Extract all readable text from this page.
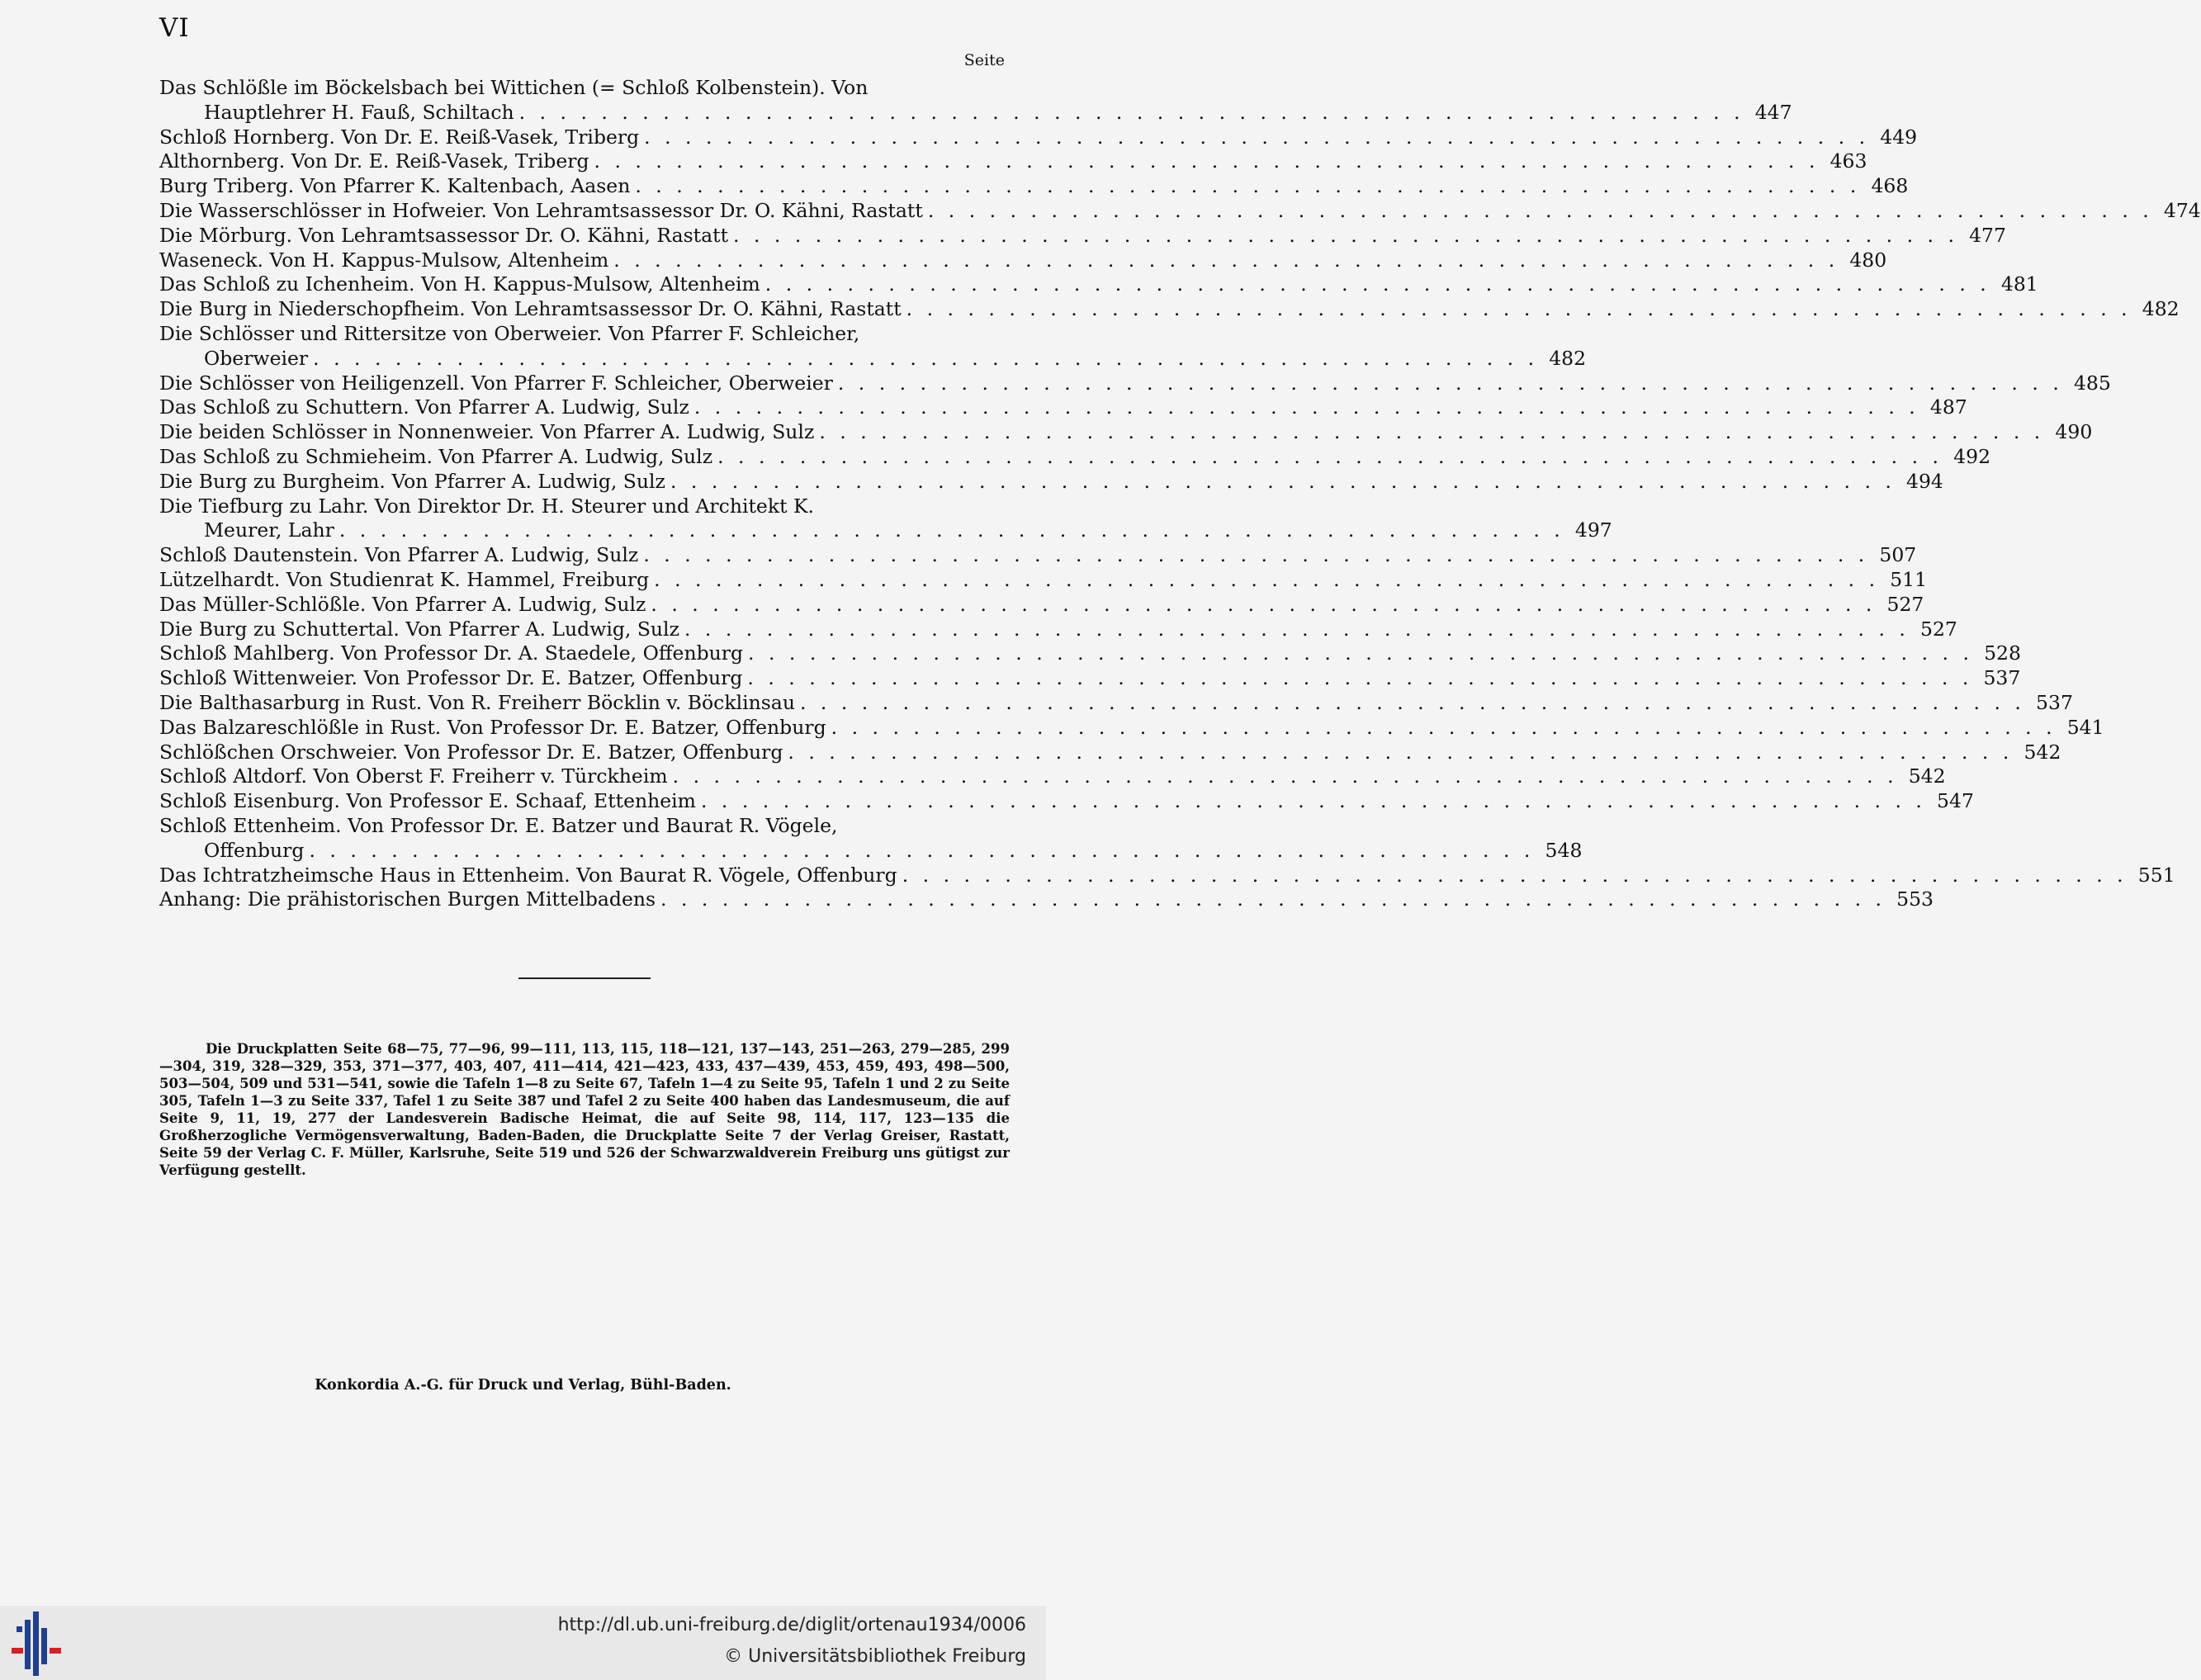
VI
Seite
Das Schlößle im Böckelsbach bei Wittichen (= Schloß Kolbenstein). Von
Hauptlehrer H. Fauß, Schiltach . . . . . . . . . . . . . . . . . . . . . . . . . . . . . . . . . . . . . . . . . . . . . . . . . . . . . . . . . . . . 447
Schloß Hornberg. Von Dr. E. Reiß-Vasek, Triberg . . . . . . . . . . . . . . . . . . . . . . . . . . . . . . . . . . . . . . . . . . . . . . . . . . . . . . . . . . . . 449
Althornberg. Von Dr. E. Reiß-Vasek, Triberg . . . . . . . . . . . . . . . . . . . . . . . . . . . . . . . . . . . . . . . . . . . . . . . . . . . . . . . . . . . . 463
Burg Triberg. Von Pfarrer K. Kaltenbach, Aasen . . . . . . . . . . . . . . . . . . . . . . . . . . . . . . . . . . . . . . . . . . . . . . . . . . . . . . . . . . . . 468
Die Wasserschlösser in Hofweier. Von Lehramtsassessor Dr. O. Kähni, Rastatt . . . . . . . . . . . . . . . . . . . . . . . . . . . . . . . . . . . . . . . . . . . . . . . . . . . . . . . . . . . . 474
Die Mörburg. Von Lehramtsassessor Dr. O. Kähni, Rastatt . . . . . . . . . . . . . . . . . . . . . . . . . . . . . . . . . . . . . . . . . . . . . . . . . . . . . . . . . . . . 477
Waseneck. Von H. Kappus-Mulsow, Altenheim . . . . . . . . . . . . . . . . . . . . . . . . . . . . . . . . . . . . . . . . . . . . . . . . . . . . . . . . . . . . 480
Das Schloß zu Ichenheim. Von H. Kappus-Mulsow, Altenheim . . . . . . . . . . . . . . . . . . . . . . . . . . . . . . . . . . . . . . . . . . . . . . . . . . . . . . . . . . . . 481
Die Burg in Niederschopfheim. Von Lehramtsassessor Dr. O. Kähni, Rastatt . . . . . . . . . . . . . . . . . . . . . . . . . . . . . . . . . . . . . . . . . . . . . . . . . . . . . . . . . . . . 482
Die Schlösser und Rittersitze von Oberweier. Von Pfarrer F. Schleicher,
Oberweier . . . . . . . . . . . . . . . . . . . . . . . . . . . . . . . . . . . . . . . . . . . . . . . . . . . . . . . . . . . . 482
Die Schlösser von Heiligenzell. Von Pfarrer F. Schleicher, Oberweier . . . . . . . . . . . . . . . . . . . . . . . . . . . . . . . . . . . . . . . . . . . . . . . . . . . . . . . . . . . . 485
Das Schloß zu Schuttern. Von Pfarrer A. Ludwig, Sulz . . . . . . . . . . . . . . . . . . . . . . . . . . . . . . . . . . . . . . . . . . . . . . . . . . . . . . . . . . . . 487
Die beiden Schlösser in Nonnenweier. Von Pfarrer A. Ludwig, Sulz . . . . . . . . . . . . . . . . . . . . . . . . . . . . . . . . . . . . . . . . . . . . . . . . . . . . . . . . . . . . 490
Das Schloß zu Schmieheim. Von Pfarrer A. Ludwig, Sulz . . . . . . . . . . . . . . . . . . . . . . . . . . . . . . . . . . . . . . . . . . . . . . . . . . . . . . . . . . . . 492
Die Burg zu Burgheim. Von Pfarrer A. Ludwig, Sulz . . . . . . . . . . . . . . . . . . . . . . . . . . . . . . . . . . . . . . . . . . . . . . . . . . . . . . . . . . . . 494
Die Tiefburg zu Lahr. Von Direktor Dr. H. Steurer und Architekt K.
Meurer, Lahr . . . . . . . . . . . . . . . . . . . . . . . . . . . . . . . . . . . . . . . . . . . . . . . . . . . . . . . . . . . . 497
Schloß Dautenstein. Von Pfarrer A. Ludwig, Sulz . . . . . . . . . . . . . . . . . . . . . . . . . . . . . . . . . . . . . . . . . . . . . . . . . . . . . . . . . . . . 507
Lützelhardt. Von Studienrat K. Hammel, Freiburg . . . . . . . . . . . . . . . . . . . . . . . . . . . . . . . . . . . . . . . . . . . . . . . . . . . . . . . . . . . . 511
Das Müller-Schlößle. Von Pfarrer A. Ludwig, Sulz . . . . . . . . . . . . . . . . . . . . . . . . . . . . . . . . . . . . . . . . . . . . . . . . . . . . . . . . . . . . 527
Die Burg zu Schuttertal. Von Pfarrer A. Ludwig, Sulz . . . . . . . . . . . . . . . . . . . . . . . . . . . . . . . . . . . . . . . . . . . . . . . . . . . . . . . . . . . . 527
Schloß Mahlberg. Von Professor Dr. A. Staedele, Offenburg . . . . . . . . . . . . . . . . . . . . . . . . . . . . . . . . . . . . . . . . . . . . . . . . . . . . . . . . . . . . 528
Schloß Wittenweier. Von Professor Dr. E. Batzer, Offenburg . . . . . . . . . . . . . . . . . . . . . . . . . . . . . . . . . . . . . . . . . . . . . . . . . . . . . . . . . . . . 537
Die Balthasarburg in Rust. Von R. Freiherr Böcklin v. Böcklinsau . . . . . . . . . . . . . . . . . . . . . . . . . . . . . . . . . . . . . . . . . . . . . . . . . . . . . . . . . . . . 537
Das Balzareschlößle in Rust. Von Professor Dr. E. Batzer, Offenburg . . . . . . . . . . . . . . . . . . . . . . . . . . . . . . . . . . . . . . . . . . . . . . . . . . . . . . . . . . . . 541
Schlößchen Orschweier. Von Professor Dr. E. Batzer, Offenburg . . . . . . . . . . . . . . . . . . . . . . . . . . . . . . . . . . . . . . . . . . . . . . . . . . . . . . . . . . . . 542
Schloß Altdorf. Von Oberst F. Freiherr v. Türckheim . . . . . . . . . . . . . . . . . . . . . . . . . . . . . . . . . . . . . . . . . . . . . . . . . . . . . . . . . . . . 542
Schloß Eisenburg. Von Professor E. Schaaf, Ettenheim . . . . . . . . . . . . . . . . . . . . . . . . . . . . . . . . . . . . . . . . . . . . . . . . . . . . . . . . . . . . 547
Schloß Ettenheim. Von Professor Dr. E. Batzer und Baurat R. Vögele,
Offenburg . . . . . . . . . . . . . . . . . . . . . . . . . . . . . . . . . . . . . . . . . . . . . . . . . . . . . . . . . . . . 548
Das Ichtratzheimsche Haus in Ettenheim. Von Baurat R. Vögele, Offenburg . . . . . . . . . . . . . . . . . . . . . . . . . . . . . . . . . . . . . . . . . . . . . . . . . . . . . . . . . . . . 551
Anhang: Die prähistorischen Burgen Mittelbadens . . . . . . . . . . . . . . . . . . . . . . . . . . . . . . . . . . . . . . . . . . . . . . . . . . . . . . . . . . . . 553

Die Druckplatten Seite 68—75, 77—96, 99—111, 113, 115, 118—121, 137—143, 251—263, 279—285, 299—304, 319, 328—329, 353, 371—377, 403, 407, 411—414, 421—423, 433, 437—439, 453, 459, 493, 498—500, 503—504, 509 und 531—541, sowie die Tafeln 1—8 zu Seite 67, Tafeln 1—4 zu Seite 95, Tafeln 1 und 2 zu Seite 305, Tafeln 1—3 zu Seite 337, Tafel 1 zu Seite 387 und Tafel 2 zu Seite 400 haben das Landesmuseum, die auf Seite 9, 11, 19, 277 der Landesverein Badische Heimat, die auf Seite 98, 114, 117, 123—135 die Großherzogliche Vermögensverwaltung, Baden-Baden, die Druckplatte Seite 7 der Verlag Greiser, Rastatt, Seite 59 der Verlag C. F. Müller, Karlsruhe, Seite 519 und 526 der Schwarzwaldverein Freiburg uns gütigst zur Verfügung gestellt.

Konkordia A.-G. für Druck und Verlag, Bühl-Baden.
http://dl.ub.uni-freiburg.de/diglit/ortenau1934/0006
© Universitätsbibliothek Freiburg
